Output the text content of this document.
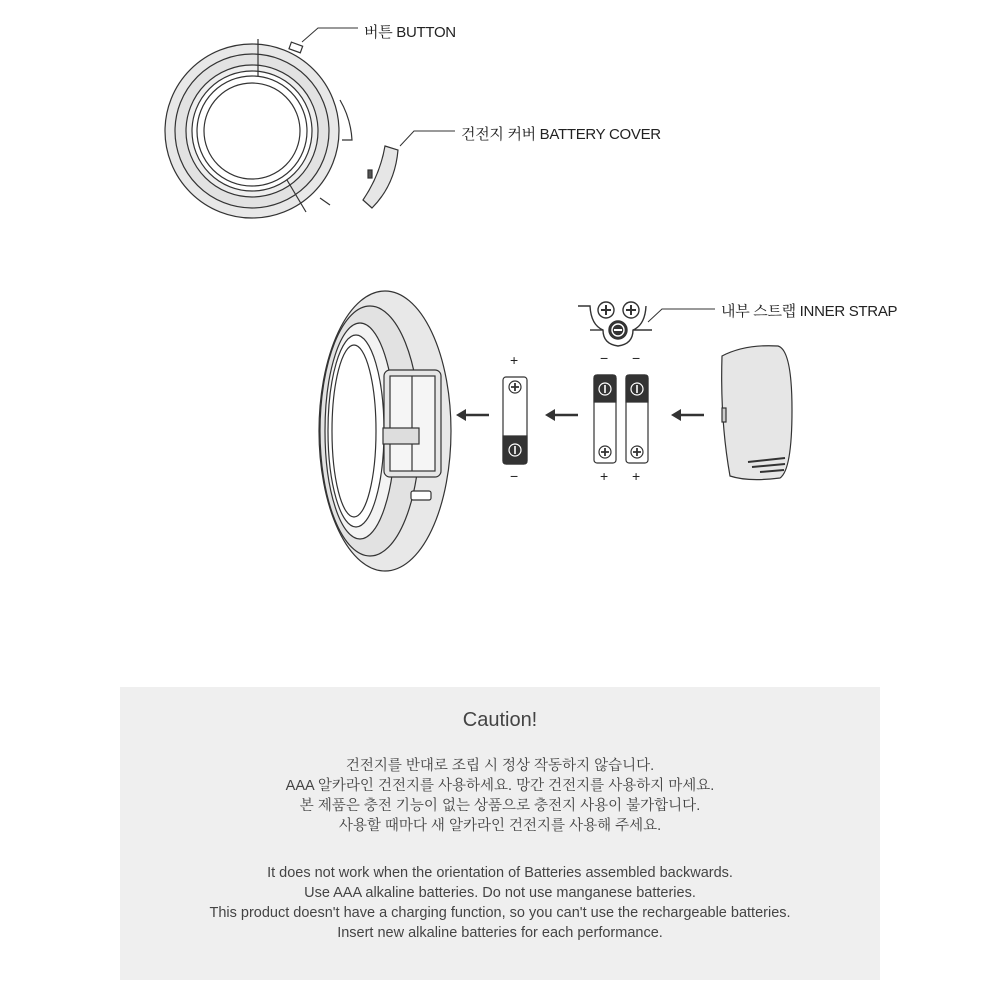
버튼 BUTTON
건전지 커버 BATTERY COVER
내부 스트랩 INNER STRAP
+
−
− −
+ +
Caution!
건전지를 반대로 조립 시 정상 작동하지 않습니다.
AAA 알카라인 건전지를 사용하세요. 망간 건전지를 사용하지 마세요.
본 제품은 충전 기능이 없는 상품으로 충전지 사용이 불가합니다.
사용할 때마다 새 알카라인 건전지를 사용해 주세요.
It does not work when the orientation of Batteries assembled backwards.
Use AAA alkaline batteries. Do not use manganese batteries.
This product doesn't have a charging function, so you can't use the rechargeable batteries.
Insert new alkaline batteries for each performance.
